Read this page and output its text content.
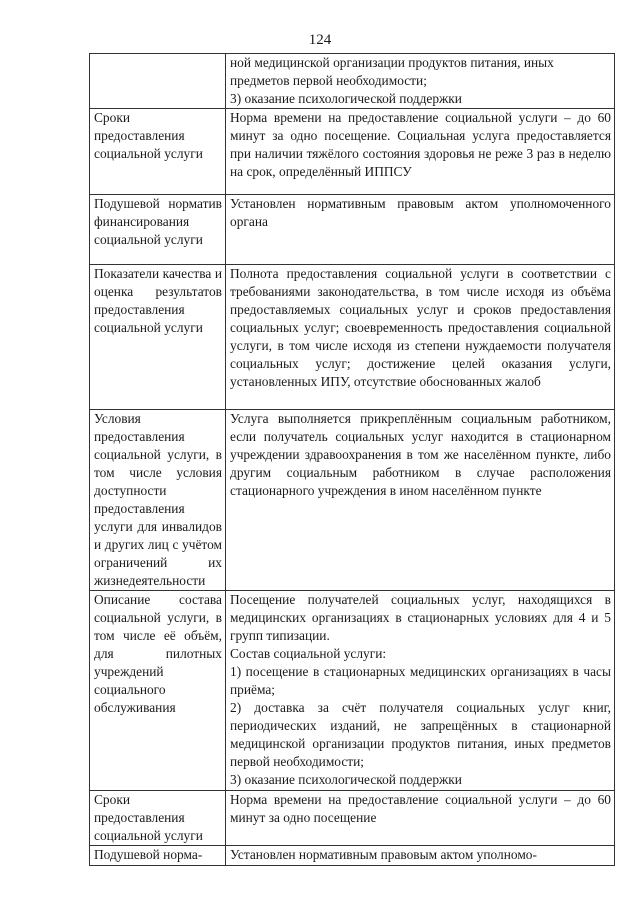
124

	ной медицинской организации продуктов питания, иных
предметов первой необходимости;
3) оказание психологической поддержки

Сроки предоставления социальной услуги	Норма времени на предоставление социальной услуги – до 60 минут за одно посещение. Социальная услуга предоставляется при наличии тяжёлого состояния здоровья не реже 3 раз в неделю на срок, определённый ИППСУ

Подушевой норматив финансирования социальной услуги	Установлен нормативным правовым актом уполномоченного органа

Показатели качества и оценка результатов предоставления социальной услуги	Полнота предоставления социальной услуги в соответствии с требованиями законодательства, в том числе исходя из объёма предоставляемых социальных услуг и сроков предоставления социальных услуг; своевременность предоставления социальной услуги, в том числе исходя из степени нуждаемости получателя социальных услуг; достижение целей оказания услуги, установленных ИПУ, отсутствие обоснованных жалоб

Условия предоставления социальной услуги, в том числе условия доступности предоставления услуги для инвалидов и других лиц с учётом ограничений их жизнедеятельности	Услуга выполняется прикреплённым социальным работником, если получатель социальных услуг находится в стационарном учреждении здравоохранения в том же населённом пункте, либо другим социальным работником в случае расположения стационарного учреждения в ином населённом пункте

Описание состава социальной услуги, в том числе её объём, для пилотных учреждений социального обслуживания	Посещение получателей социальных услуг, находящихся в медицинских организациях в стационарных условиях для 4 и 5 групп типизации.
Состав социальной услуги:
1) посещение в стационарных медицинских организациях в часы приёма;
2) доставка за счёт получателя социальных услуг книг, периодических изданий, не запрещённых в стационарной медицинской организации продуктов питания, иных предметов первой необходимости;
3) оказание психологической поддержки

Сроки предоставления социальной услуги	Норма времени на предоставление социальной услуги – до 60 минут за одно посещение

Подушевой норма-	Установлен нормативным правовым актом уполномо-
